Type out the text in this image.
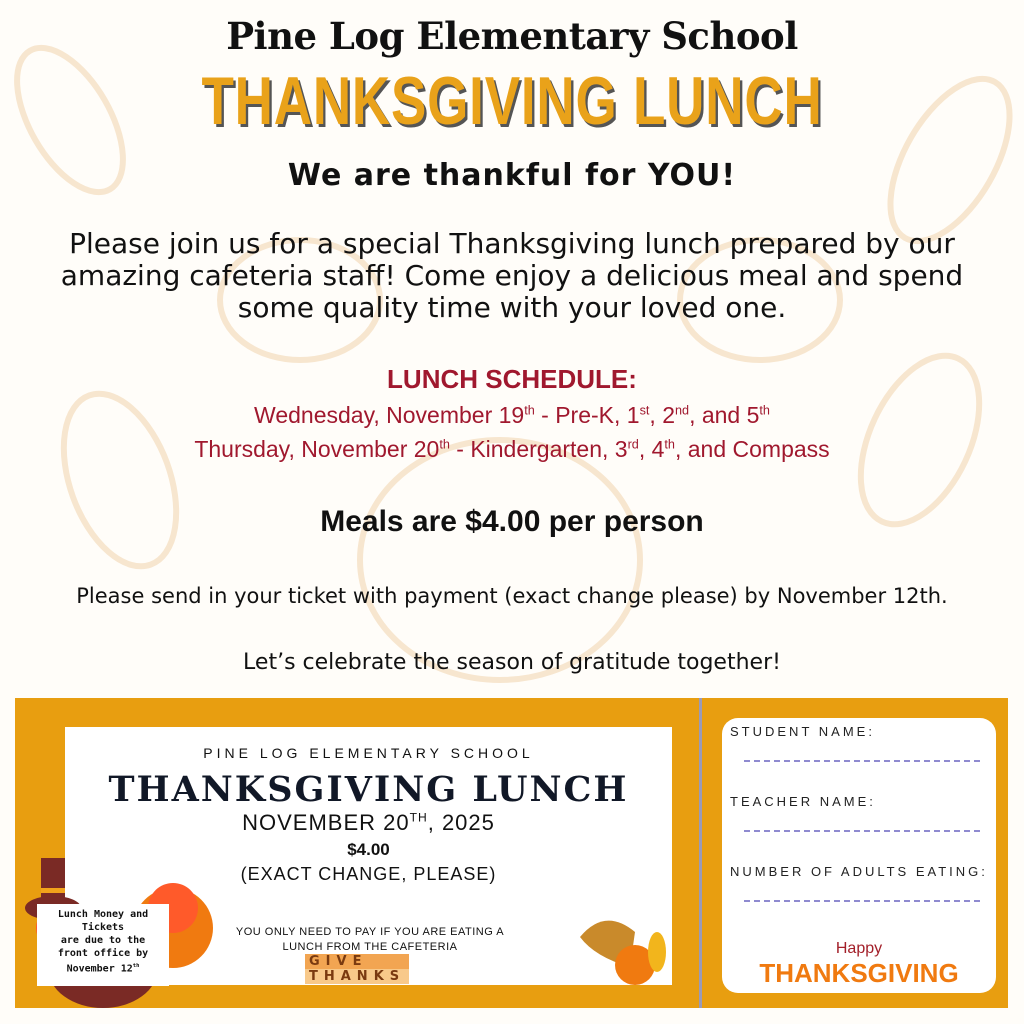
Pine Log Elementary School
THANKSGIVING LUNCH
We are thankful for YOU!
Please join us for a special Thanksgiving lunch prepared by our
amazing cafeteria staff! Come enjoy a delicious meal and spend
some quality time with your loved one.
LUNCH SCHEDULE:
Wednesday, November 19th - Pre-K, 1st, 2nd, and 5th
Thursday, November 20th - Kindergarten, 3rd, 4th, and Compass
Meals are $4.00 per person
Please send in your ticket with payment (exact change please) by November 12th.
Let’s celebrate the season of gratitude together!
PINE LOG ELEMENTARY SCHOOL
THANKSGIVING LUNCH
NOVEMBER 20TH, 2025
$4.00
(EXACT CHANGE, PLEASE)
YOU ONLY NEED TO PAY IF YOU ARE EATING A LUNCH FROM THE CAFETERIA
Lunch Money and
Tickets
are due to the
front office by
November 12th	GIVE
THANKS
STUDENT NAME:
TEACHER NAME:
NUMBER OF ADULTS EATING:
Happy
THANKSGIVING
